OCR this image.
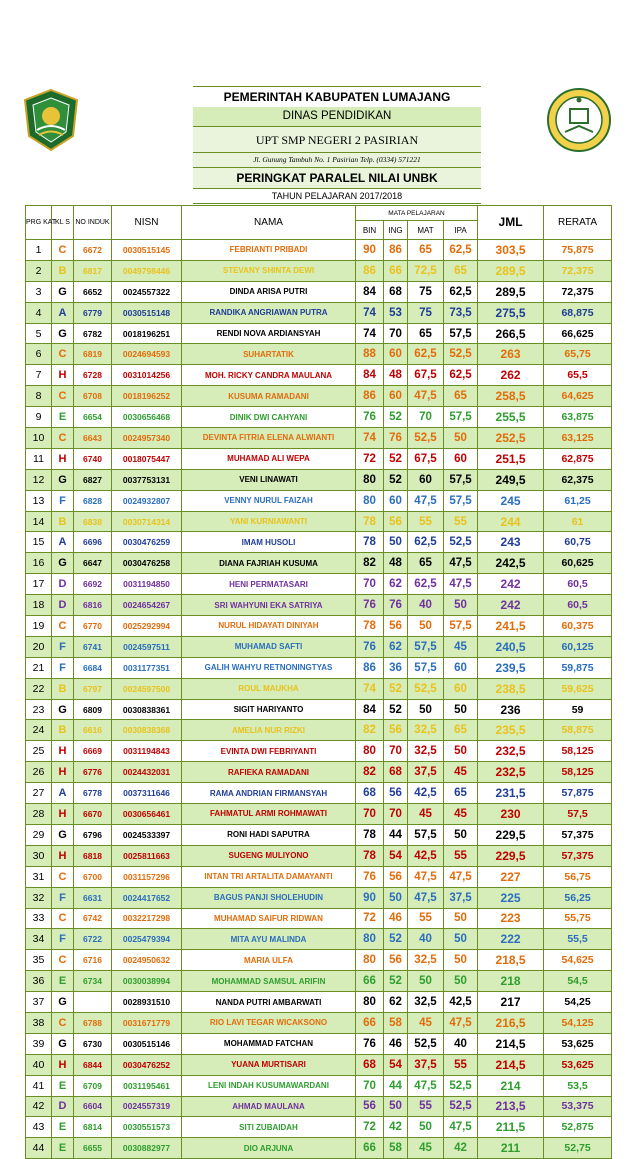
PEMERINTAH KABUPATEN LUMAJANG
DINAS PENDIDIKAN
UPT SMP NEGERI 2 PASIRIAN
Jl. Gunung Tambuh No. 1 Pasirian Telp. (0334) 571221
PERINGKAT PARALEL NILAI UNBK
TAHUN PELAJARAN 2017/2018
PRG KAT	KL S	NO INDUK	NISN	NAMA	MATA PELAJARAN				JML	RERATA
					BIN	ING	MAT	IPA		
1	C	6672	0030515145	FEBRIANTI PRIBADI	90	86	65	62,5	303,5	75,875
2	B	6817	0049798446	STEVANY SHINTA DEWI	86	66	72,5	65	289,5	72,375
3	G	6652	0024557322	DINDA ARISA PUTRI	84	68	75	62,5	289,5	72,375
4	A	6779	0030515148	RANDIKA ANGRIAWAN PUTRA	74	53	75	73,5	275,5	68,875
5	G	6782	0018196251	RENDI NOVA ARDIANSYAH	74	70	65	57,5	266,5	66,625
6	C	6819	0024694593	SUHARTATIK	88	60	62,5	52,5	263	65,75
7	H	6728	0031014256	MOH. RICKY CANDRA MAULANA	84	48	67,5	62,5	262	65,5
8	C	6708	0018196252	KUSUMA RAMADANI	86	60	47,5	65	258,5	64,625
9	E	6654	0030656468	DINIK DWI CAHYANI	76	52	70	57,5	255,5	63,875
10	C	6643	0024957340	DEVINTA FITRIA ELENA ALWIANTI	74	76	52,5	50	252,5	63,125
11	H	6740	0018075447	MUHAMAD ALI WEPA	72	52	67,5	60	251,5	62,875
12	G	6827	0037753131	VENI LINAWATI	80	52	60	57,5	249,5	62,375
13	F	6828	0024932807	VENNY NURUL FAIZAH	80	60	47,5	57,5	245	61,25
14	B	6838	0030714314	YANI KURNIAWANTI	78	56	55	55	244	61
15	A	6696	0030476259	IMAM HUSOLI	78	50	62,5	52,5	243	60,75
16	G	6647	0030476258	DIANA FAJRIAH KUSUMA	82	48	65	47,5	242,5	60,625
17	D	6692	0031194850	HENI PERMATASARI	70	62	62,5	47,5	242	60,5
18	D	6816	0024654267	SRI WAHYUNI EKA SATRIYA	76	76	40	50	242	60,5
19	C	6770	0025292994	NURUL HIDAYATI DINIYAH	78	56	50	57,5	241,5	60,375
20	F	6741	0024597511	MUHAMAD SAFTI	76	62	57,5	45	240,5	60,125
21	F	6684	0031177351	GALIH WAHYU RETNONINGTYAS	86	36	57,5	60	239,5	59,875
22	B	6797	0024597500	ROUL MAUKHA	74	52	52,5	60	238,5	59,625
23	G	6809	0030838361	SIGIT HARIYANTO	84	52	50	50	236	59
24	B	6616	0030838368	AMELIA NUR RIZKI	82	56	32,5	65	235,5	58,875
25	H	6669	0031194843	EVINTA DWI FEBRIYANTI	80	70	32,5	50	232,5	58,125
26	H	6776	0024432031	RAFIEKA RAMADANI	82	68	37,5	45	232,5	58,125
27	A	6778	0037311646	RAMA ANDRIAN FIRMANSYAH	68	56	42,5	65	231,5	57,875
28	H	6670	0030656461	FAHMATUL ARMI ROHMAWATI	70	70	45	45	230	57,5
29	G	6796	0024533397	RONI HADI SAPUTRA	78	44	57,5	50	229,5	57,375
30	H	6818	0025811663	SUGENG MULIYONO	78	54	42,5	55	229,5	57,375
31	C	6700	0031157296	INTAN TRI ARTALITA DAMAYANTI	76	56	47,5	47,5	227	56,75
32	F	6631	0024417652	BAGUS PANJI SHOLEHUDIN	90	50	47,5	37,5	225	56,25
33	C	6742	0032217298	MUHAMAD SAIFUR RIDWAN	72	46	55	50	223	55,75
34	F	6722	0025479394	MITA AYU MALINDA	80	52	40	50	222	55,5
35	C	6716	0024950632	MARIA ULFA	80	56	32,5	50	218,5	54,625
36	E	6734	0030038994	MOHAMMAD SAMSUL ARIFIN	66	52	50	50	218	54,5
37	G		0028931510	NANDA PUTRI AMBARWATI	80	62	32,5	42,5	217	54,25
38	C	6788	0031671779	RIO LAVI TEGAR WICAKSONO	66	58	45	47,5	216,5	54,125
39	G	6730	0030515146	MOHAMMAD FATCHAN	76	46	52,5	40	214,5	53,625
40	H	6844	0030476252	YUANA MURTISARI	68	54	37,5	55	214,5	53,625
41	E	6709	0031195461	LENI INDAH KUSUMAWARDANI	70	44	47,5	52,5	214	53,5
42	D	6604	0024557319	AHMAD MAULANA	56	50	55	52,5	213,5	53,375
43	E	6814	0030551573	SITI ZUBAIDAH	72	42	50	47,5	211,5	52,875
44	E	6655	0030882977	DIO ARJUNA	66	58	45	42	211	52,75
